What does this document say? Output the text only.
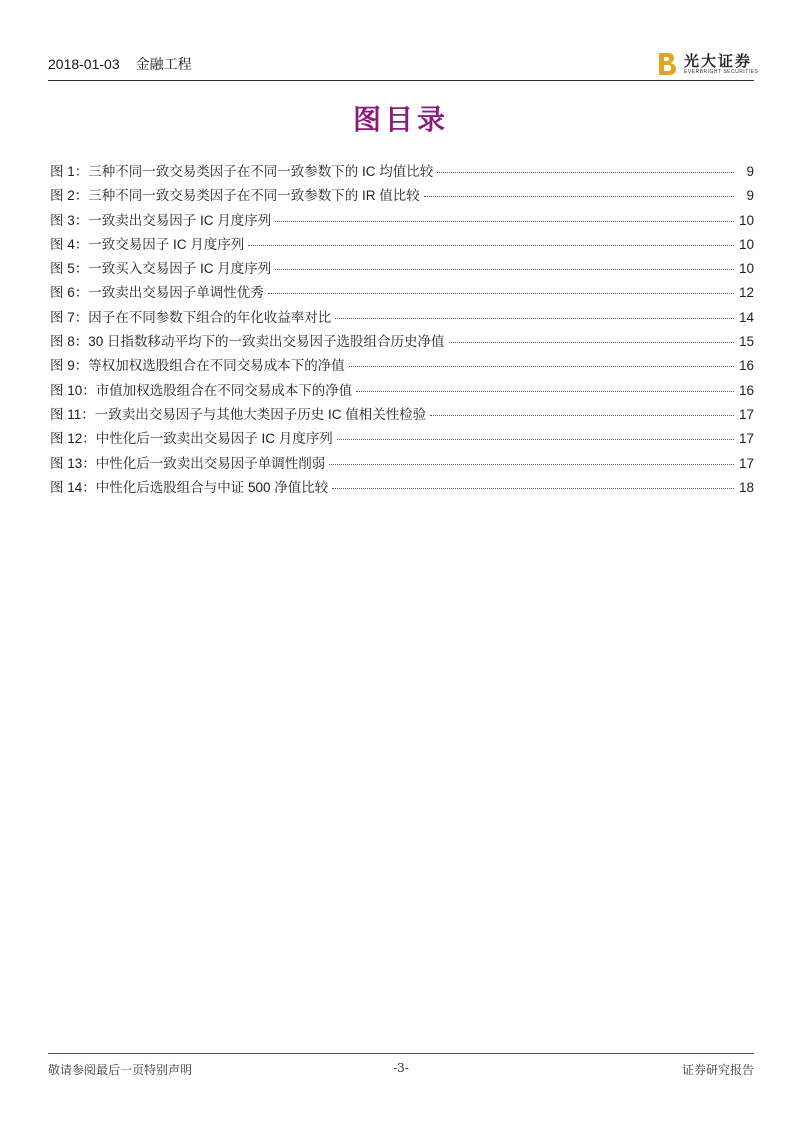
2018-01-03 金融工程	光大证券
EVERBRIGHT SECURITIES
图目录
图 1：三种不同一致交易类因子在不同一致参数下的 IC 均值比较	9
图 2：三种不同一致交易类因子在不同一致参数下的 IR 值比较	9
图 3：一致卖出交易因子 IC 月度序列	10
图 4：一致交易因子 IC 月度序列	10
图 5：一致买入交易因子 IC 月度序列	10
图 6：一致卖出交易因子单调性优秀	12
图 7：因子在不同参数下组合的年化收益率对比	14
图 8：30 日指数移动平均下的一致卖出交易因子选股组合历史净值	15
图 9：等权加权选股组合在不同交易成本下的净值	16
图 10：市值加权选股组合在不同交易成本下的净值	16
图 11：一致卖出交易因子与其他大类因子历史 IC 值相关性检验	17
图 12：中性化后一致卖出交易因子 IC 月度序列	17
图 13：中性化后一致卖出交易因子单调性削弱	17
图 14：中性化后选股组合与中证 500 净值比较	18
敬请参阅最后一页特别声明	-3-	证券研究报告
